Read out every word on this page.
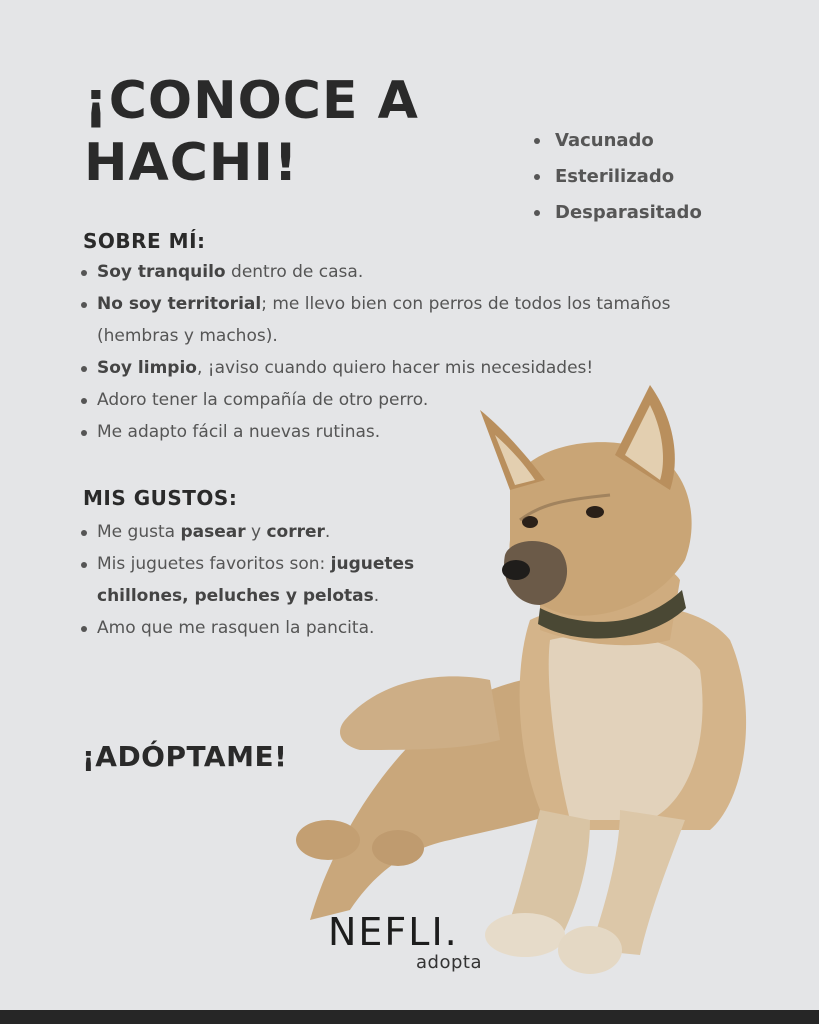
¡CONOCE A HACHI!	Vacunado
Esterilizado
Desparasitado
SOBRE MÍ:
Soy tranquilo dentro de casa.
No soy territorial; me llevo bien con perros de todos los tamaños (hembras y machos).
Soy limpio, ¡aviso cuando quiero hacer mis necesidades!
Adoro tener la compañía de otro perro.
Me adapto fácil a nuevas rutinas.
MIS GUSTOS:
Me gusta pasear y correr.
Mis juguetes favoritos son: juguetes chillones, peluches y pelotas.
Amo que me rasquen la pancita.
¡ADÓPTAME!
NEFLI.
adopta
